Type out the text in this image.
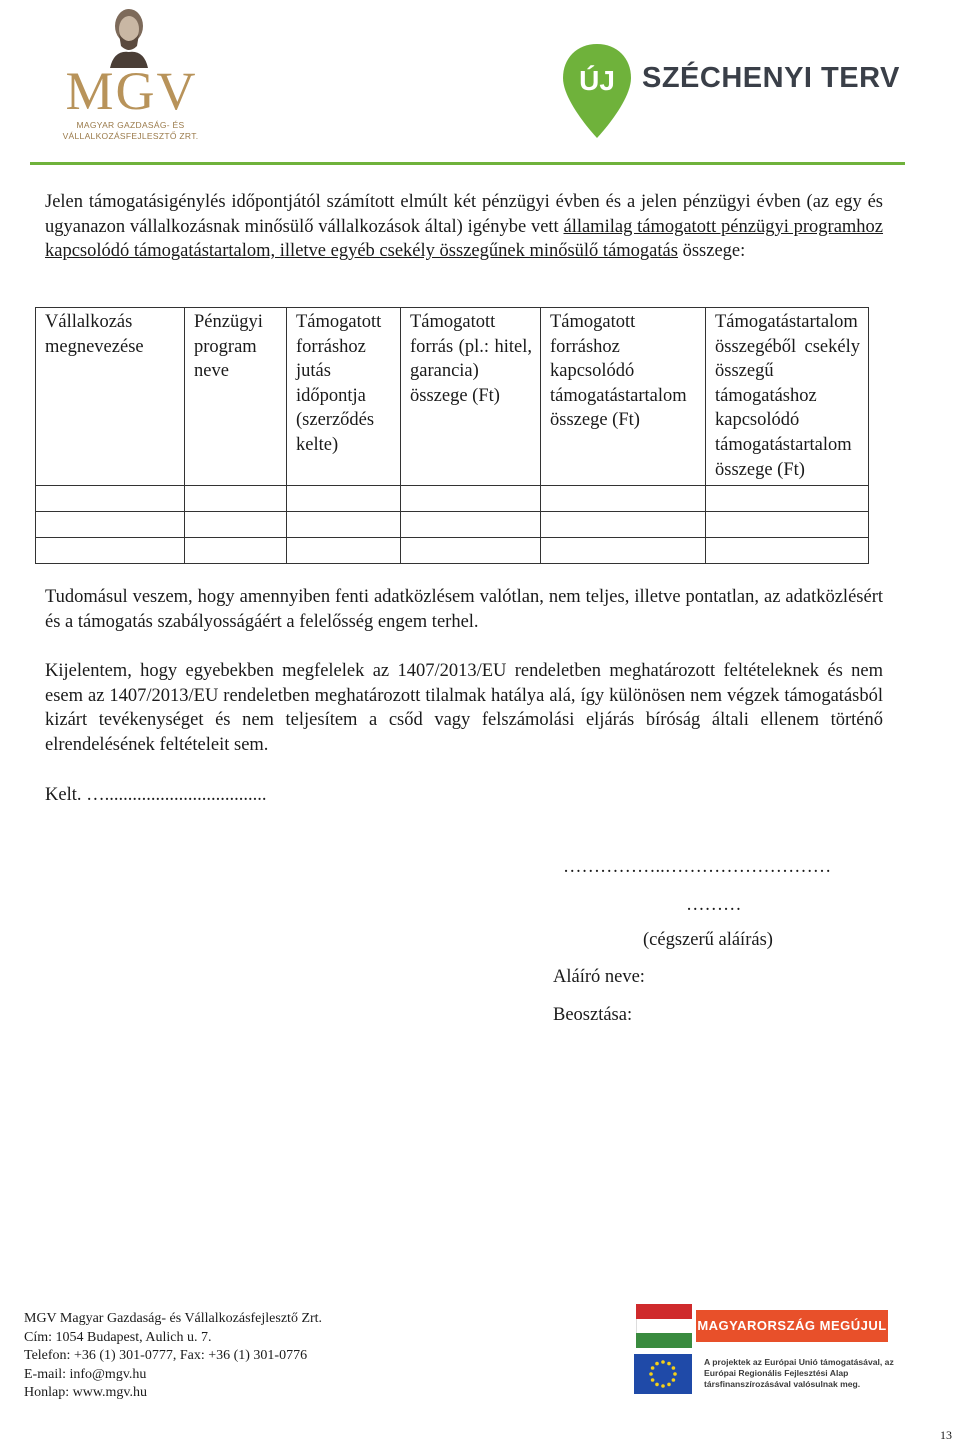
MGV
MAGYAR GAZDASÁG- ÉS
VÁLLALKOZÁSFEJLESZTŐ ZRT.
ÚJ SZÉCHENYI TERV
Jelen támogatásigénylés időpontjától számított elmúlt két pénzügyi évben és a jelen pénzügyi évben (az egy és ugyanazon vállalkozásnak minősülő vállalkozások által) igénybe vett államilag támogatott pénzügyi programhoz kapcsolódó támogatástartalom, illetve egyéb csekély összegűnek minősülő támogatás összege:
Vállalkozás megnevezése	Pénzügyi program neve	Támogatott forráshoz jutás időpontja (szerződés kelte)	Támogatott forrás (pl.: hitel, garancia) összege (Ft)	Támogatott forráshoz kapcsolódó támogatástartalom összege (Ft)	Támogatástartalom összegéből csekély összegű támogatáshoz kapcsolódó támogatástartalom összege (Ft)

Tudomásul veszem, hogy amennyiben fenti adatközlésem valótlan, nem teljes, illetve pontatlan, az adatközlésért és a támogatás szabályosságáért a felelősség engem terhel.
Kijelentem, hogy egyebekben megfelelek az 1407/2013/EU rendeletben meghatározott feltételeknek és nem esem az 1407/2013/EU rendeletben meghatározott tilalmak hatálya alá, így különösen nem végzek támogatásból kizárt tevékenységet és nem teljesítem a csőd vagy felszámolási eljárás bíróság általi ellenem történő elrendelésének feltételeit sem.
Kelt. …...................................
……………..………………………
………
(cégszerű aláírás)
Aláíró neve:
Beosztása:
MGV Magyar Gazdaság- és Vállalkozásfejlesztő Zrt.
Cím: 1054 Budapest, Aulich u. 7.
Telefon: +36 (1) 301-0777, Fax: +36 (1) 301-0776
E-mail: info@mgv.hu
Honlap: www.mgv.hu
MAGYARORSZÁG MEGÚJUL
A projektek az Európai Unió támogatásával, az Európai Regionális Fejlesztési Alap társfinanszírozásával valósulnak meg.
13
